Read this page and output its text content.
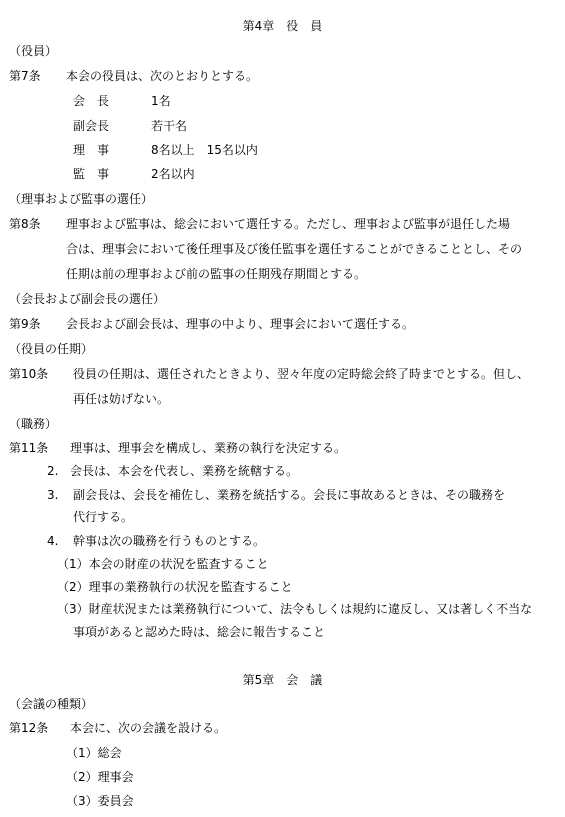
第4章　役　員
（役員）
第7条 本会の役員は、次のとおりとする。
会　長	1名
副会長	若干名
理　事	8名以上　15名以内
監　事	2名以内
（理事および監事の選任）
第8条 理事および監事は、総会において選任する。ただし、理事および監事が退任した場
合は、理事会において後任理事及び後任監事を選任することができることとし、その
任期は前の理事および前の監事の任期残存期間とする。
（会長および副会長の選任）
第9条 会長および副会長は、理事の中より、理事会において選任する。
（役員の任期）
第10条 役員の任期は、選任されたときより、翌々年度の定時総会終了時までとする。但し、
再任は妨げない。
（職務）
第11条 理事は、理事会を構成し、業務の執行を決定する。
2. 会長は、本会を代表し、業務を統轄する。
3. 副会長は、会長を補佐し、業務を統括する。会長に事故あるときは、その職務を
代行する。
4. 幹事は次の職務を行うものとする。
（1）本会の財産の状況を監査すること
（2）理事の業務執行の状況を監査すること
（3）財産状況または業務執行について、法令もしくは規約に違反し、又は著しく不当な
事項があると認めた時は、総会に報告すること
第5章　会　議
（会議の種類）
第12条 本会に、次の会議を設ける。
（1）総会
（2）理事会
（3）委員会
